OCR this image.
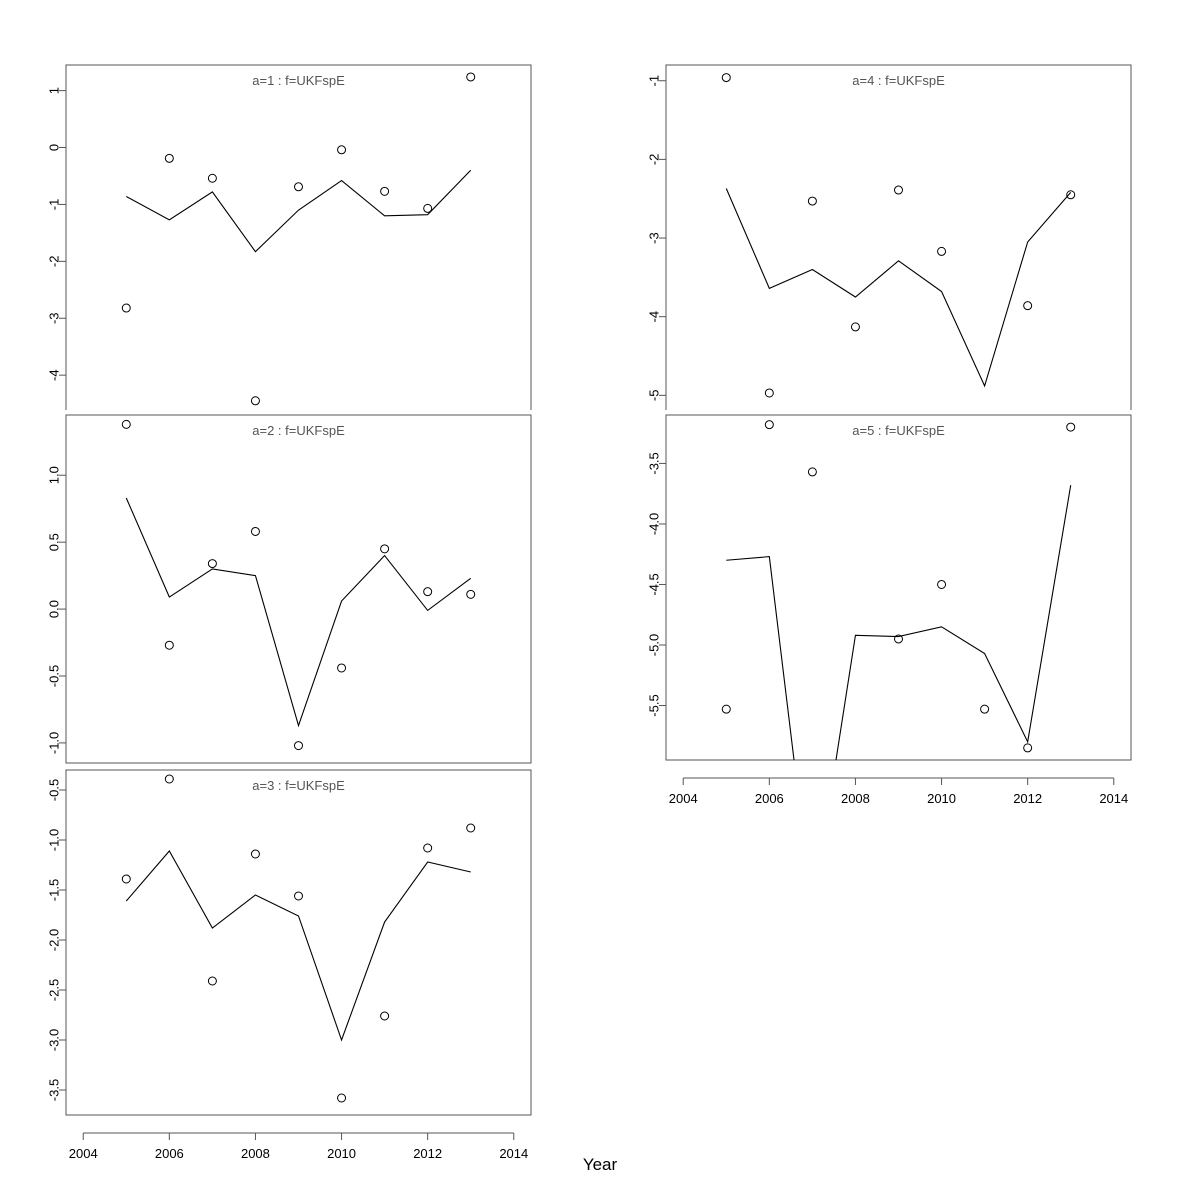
-4
-3
-2
-1
0
1
a=1 : f=UKFspE
-1.0
-0.5
0.0
0.5
1.0
a=2 : f=UKFspE
-3.5
-3.0
-2.5
-2.0
-1.5
-1.0
-0.5
2004	2006	2008	2010	2012	2014
a=3 : f=UKFspE
-5
-4
-3
-2
-1	a=4 : f=UKFspE
-5.5
-5.0
-4.5
-4.0
-3.5
2004	2006	2008	2010	2012	2014
a=5 : f=UKFspE
Year
